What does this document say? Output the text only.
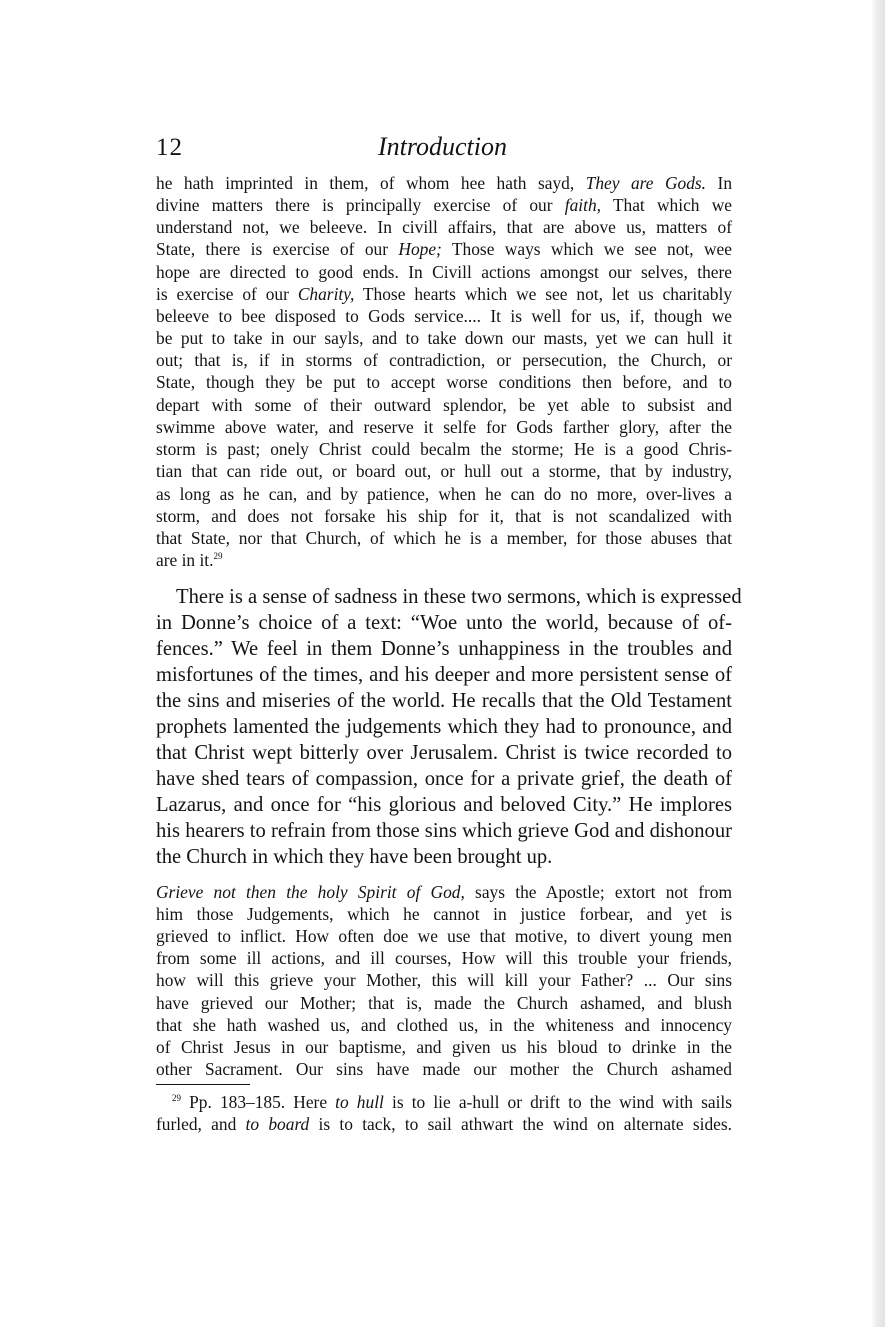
12	Introduction
he hath imprinted in them, of whom hee hath sayd, They are Gods. In
divine matters there is principally exercise of our faith, That which we
understand not, we beleeve. In civill affairs, that are above us, matters of
State, there is exercise of our Hope; Those ways which we see not, wee
hope are directed to good ends. In Civill actions amongst our selves, there
is exercise of our Charity, Those hearts which we see not, let us charitably
beleeve to bee disposed to Gods service.... It is well for us, if, though we
be put to take in our sayls, and to take down our masts, yet we can hull it
out; that is, if in storms of contradiction, or persecution, the Church, or
State, though they be put to accept worse conditions then before, and to
depart with some of their outward splendor, be yet able to subsist and
swimme above water, and reserve it selfe for Gods farther glory, after the
storm is past; onely Christ could becalm the storme; He is a good Chris-
tian that can ride out, or board out, or hull out a storme, that by industry,
as long as he can, and by patience, when he can do no more, over-lives a
storm, and does not forsake his ship for it, that is not scandalized with
that State, nor that Church, of which he is a member, for those abuses that
are in it.$^{29}$
There is a sense of sadness in these two sermons, which is expressed
in Donne’s choice of a text: “Woe unto the world, because of of-
fences.” We feel in them Donne’s unhappiness in the troubles and
misfortunes of the times, and his deeper and more persistent sense of
the sins and miseries of the world. He recalls that the Old Testament
prophets lamented the judgements which they had to pronounce, and
that Christ wept bitterly over Jerusalem. Christ is twice recorded to
have shed tears of compassion, once for a private grief, the death of
Lazarus, and once for “his glorious and beloved City.” He implores
his hearers to refrain from those sins which grieve God and dishonour
the Church in which they have been brought up.
Grieve not then the holy Spirit of God, says the Apostle; extort not from
him those Judgements, which he cannot in justice forbear, and yet is
grieved to inflict. How often doe we use that motive, to divert young men
from some ill actions, and ill courses, How will this trouble your friends,
how will this grieve your Mother, this will kill your Father? ... Our sins
have grieved our Mother; that is, made the Church ashamed, and blush
that she hath washed us, and clothed us, in the whiteness and innocency
of Christ Jesus in our baptisme, and given us his bloud to drinke in the
other Sacrament. Our sins have made our mother the Church ashamed
$^{29}$ Pp. 183–185. Here to hull is to lie a-hull or drift to the wind with sails
furled, and to board is to tack, to sail athwart the wind on alternate sides.
